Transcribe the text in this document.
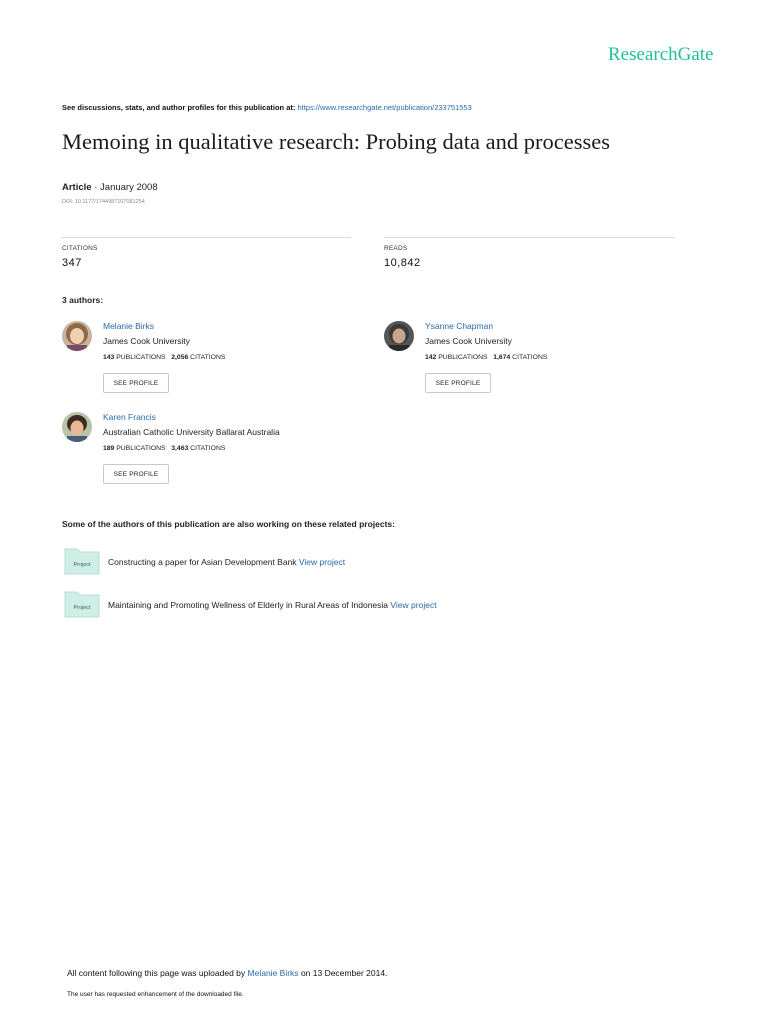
ResearchGate
See discussions, stats, and author profiles for this publication at: https://www.researchgate.net/publication/233751553
Memoing in qualitative research: Probing data and processes
Article · January 2008
DOI: 10.1177/1744987107081254
CITATIONS
347
READS
10,842
3 authors:
Melanie Birks
James Cook University
143 PUBLICATIONS 2,056 CITATIONS
SEE PROFILE
Ysanne Chapman
James Cook University
142 PUBLICATIONS 1,674 CITATIONS
SEE PROFILE
Karen Francis
Australian Catholic University Ballarat Australia
189 PUBLICATIONS 3,463 CITATIONS
SEE PROFILE
Some of the authors of this publication are also working on these related projects:
Project Constructing a paper for Asian Development Bank View project
Project Maintaining and Promoting Wellness of Elderly in Rural Areas of Indonesia View project
All content following this page was uploaded by Melanie Birks on 13 December 2014.
The user has requested enhancement of the downloaded file.
